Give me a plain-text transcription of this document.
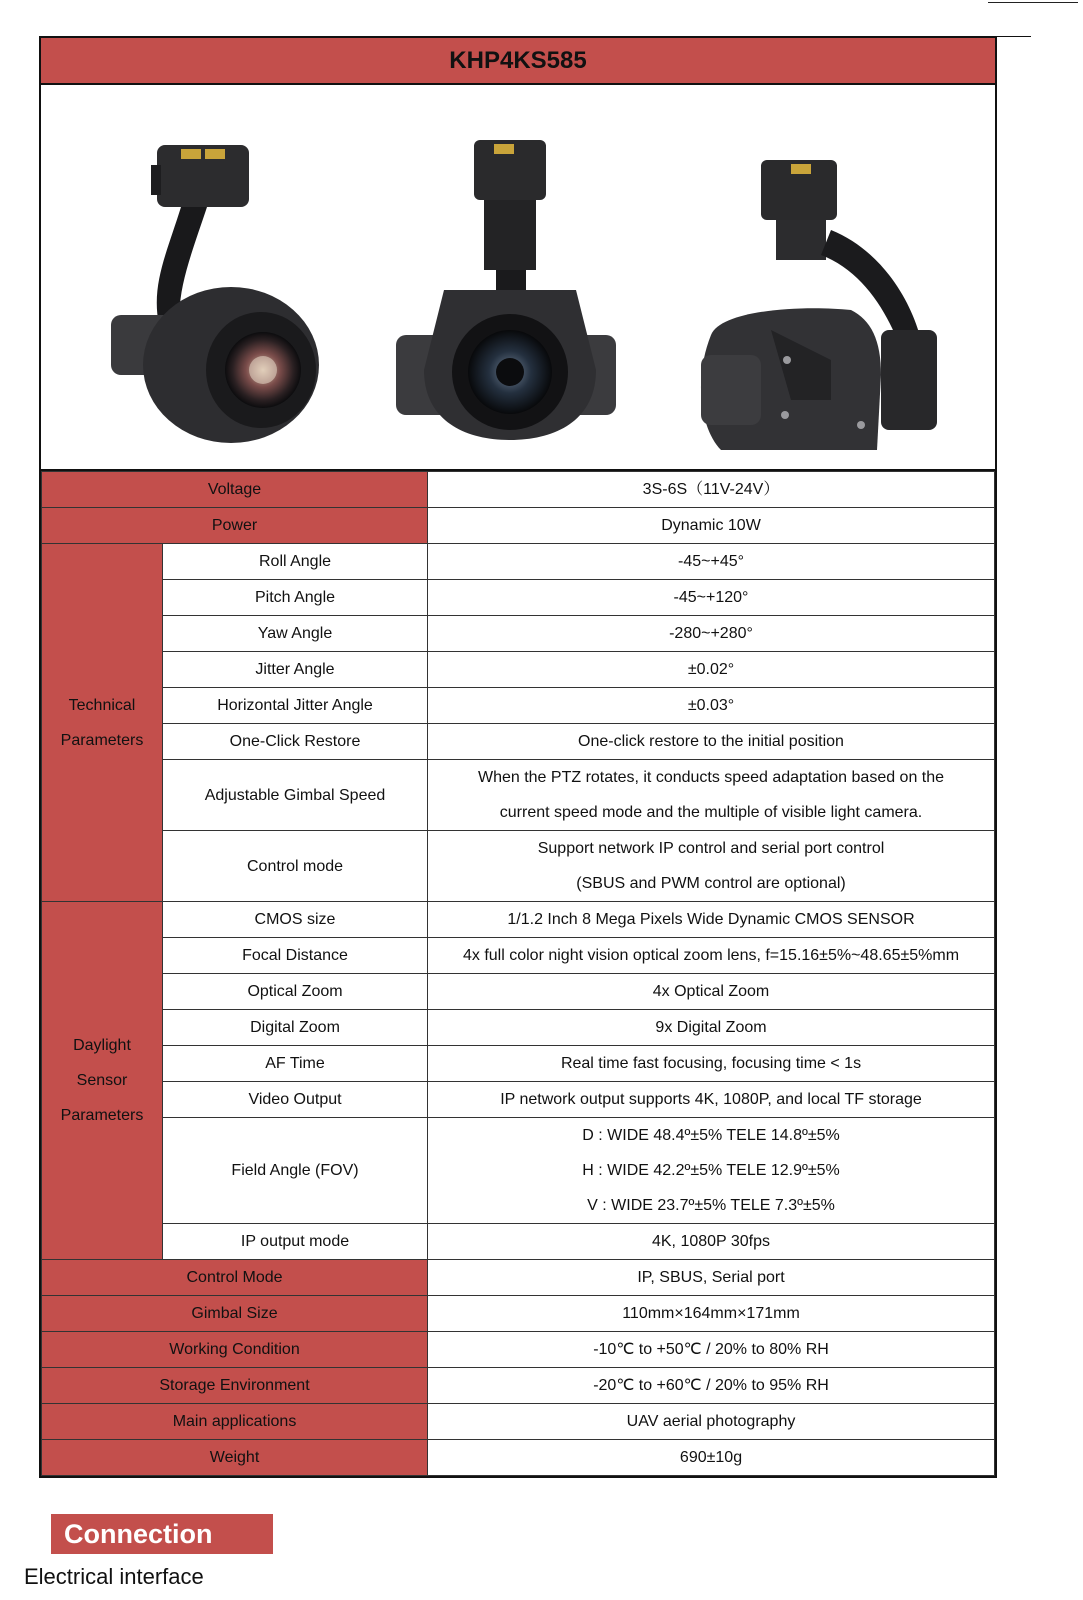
KHP4KS585
Voltage		3S-6S（11V-24V）
Power		Dynamic 10W

Technical
Parameters	Roll Angle	-45~+45°

	Pitch Angle	-45~+120°

	Yaw Angle	-280~+280°

	Jitter Angle	±0.02°

	Horizontal Jitter Angle	±0.03°

	One-Click Restore	One-click restore to the initial position

	Adjustable Gimbal Speed	When the PTZ rotates, it conducts speed adaptation based on the
current speed mode and the multiple of visible light camera.

	Control mode	Support network IP control and serial port control
(SBUS and PWM control are optional)

Daylight
Sensor
Parameters	CMOS size	1/1.2 Inch 8 Mega Pixels Wide Dynamic CMOS SENSOR

	Focal Distance	4x full color night vision optical zoom lens, f=15.16±5%~48.65±5%mm

	Optical Zoom	4x Optical Zoom

	Digital Zoom	9x Digital Zoom

	AF Time	Real time fast focusing, focusing time < 1s

	Video Output	IP network output supports 4K, 1080P, and local TF storage

	Field Angle (FOV)	D : WIDE 48.4º±5% TELE 14.8º±5%
H : WIDE 42.2º±5% TELE 12.9º±5%
V : WIDE 23.7º±5% TELE 7.3º±5%

	IP output mode	4K, 1080P 30fps

Control Mode		IP, SBUS, Serial port
Gimbal Size		110mm×164mm×171mm
Working Condition		-10℃ to +50℃ / 20% to 80% RH
Storage Environment		-20℃ to +60℃ / 20% to 95% RH
Main applications		UAV aerial photography
Weight		690±10g
Connection
Electrical interface
